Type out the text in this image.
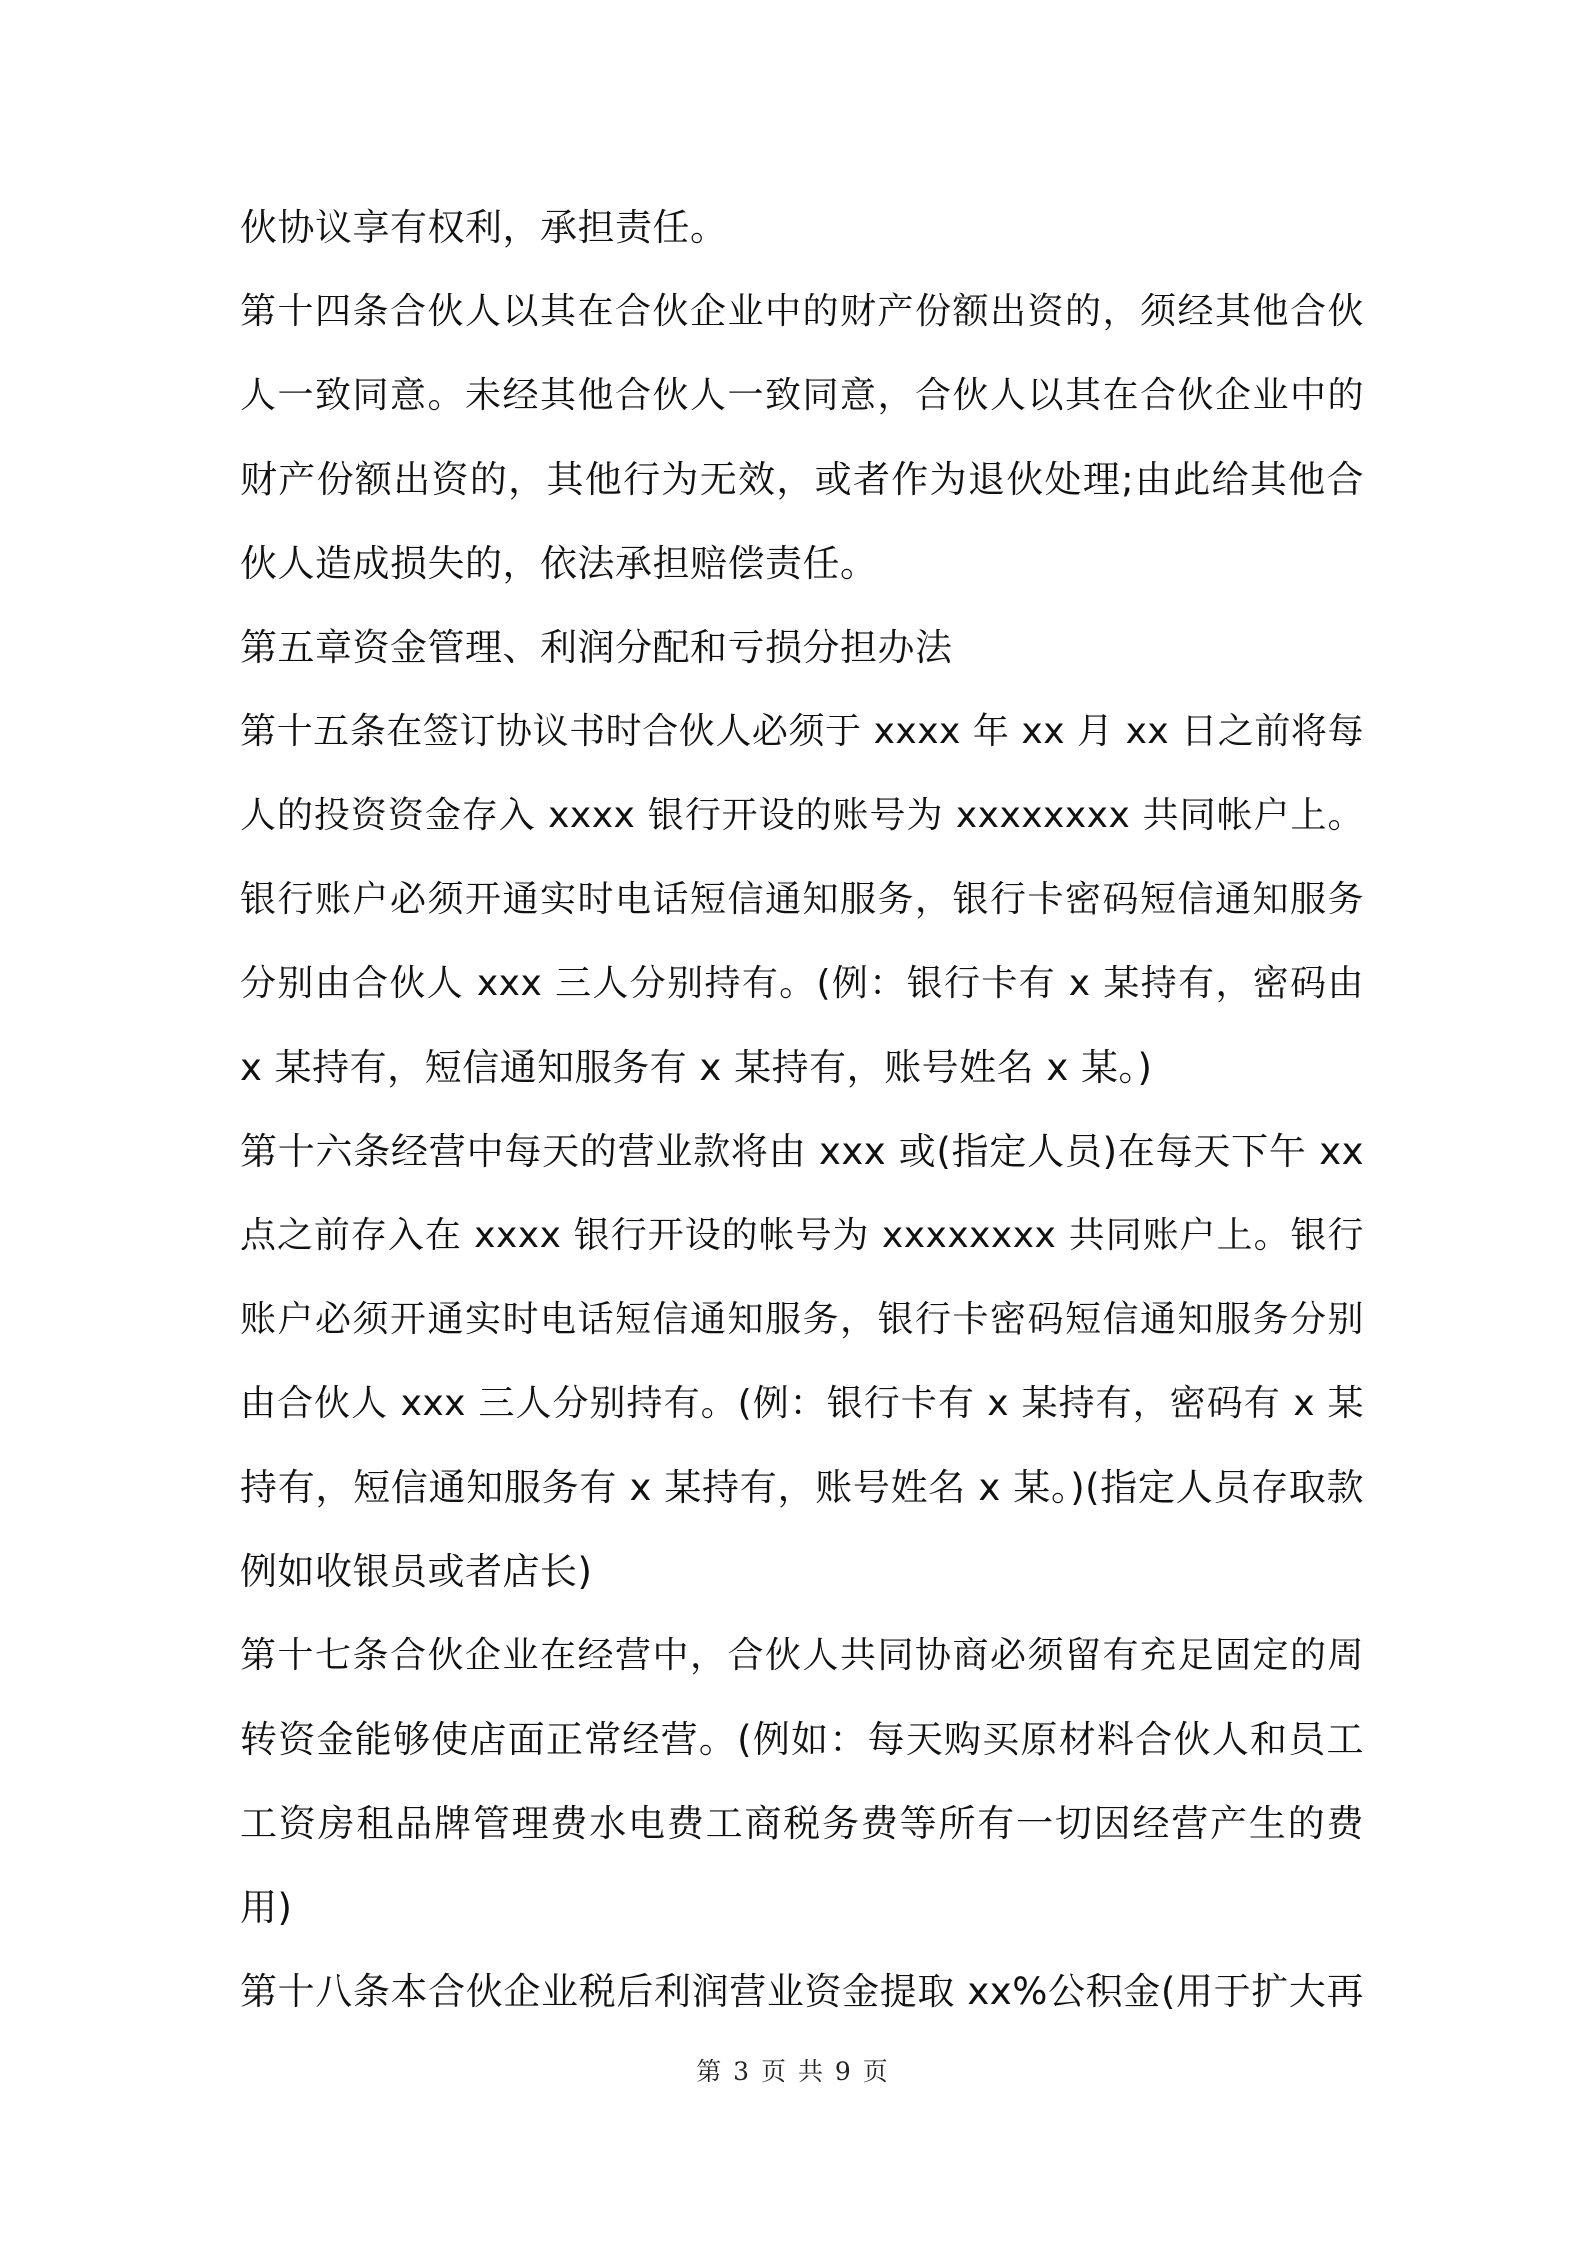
伙协议享有权利，承担责任。
第十四条合伙人以其在合伙企业中的财产份额出资的，须经其他合伙
人一致同意。未经其他合伙人一致同意，合伙人以其在合伙企业中的
财产份额出资的，其他行为无效，或者作为退伙处理;由此给其他合
伙人造成损失的，依法承担赔偿责任。
第五章资金管理、利润分配和亏损分担办法
第十五条在签订协议书时合伙人必须于 xxxx 年 xx 月 xx 日之前将每
人的投资资金存入 xxxx 银行开设的账号为 xxxxxxxx 共同帐户上。
银行账户必须开通实时电话短信通知服务，银行卡密码短信通知服务
分别由合伙人 xxx 三人分别持有。(例：银行卡有 x 某持有，密码由
x 某持有，短信通知服务有 x 某持有，账号姓名 x 某。)
第十六条经营中每天的营业款将由 xxx 或(指定人员)在每天下午 xx
点之前存入在 xxxx 银行开设的帐号为 xxxxxxxx 共同账户上。银行
账户必须开通实时电话短信通知服务，银行卡密码短信通知服务分别
由合伙人 xxx 三人分别持有。(例：银行卡有 x 某持有，密码有 x 某
持有，短信通知服务有 x 某持有，账号姓名 x 某。)(指定人员存取款
例如收银员或者店长)
第十七条合伙企业在经营中，合伙人共同协商必须留有充足固定的周
转资金能够使店面正常经营。(例如：每天购买原材料合伙人和员工
工资房租品牌管理费水电费工商税务费等所有一切因经营产生的费
用)
第十八条本合伙企业税后利润营业资金提取 xx%公积金(用于扩大再
第 3 页 共 9 页
